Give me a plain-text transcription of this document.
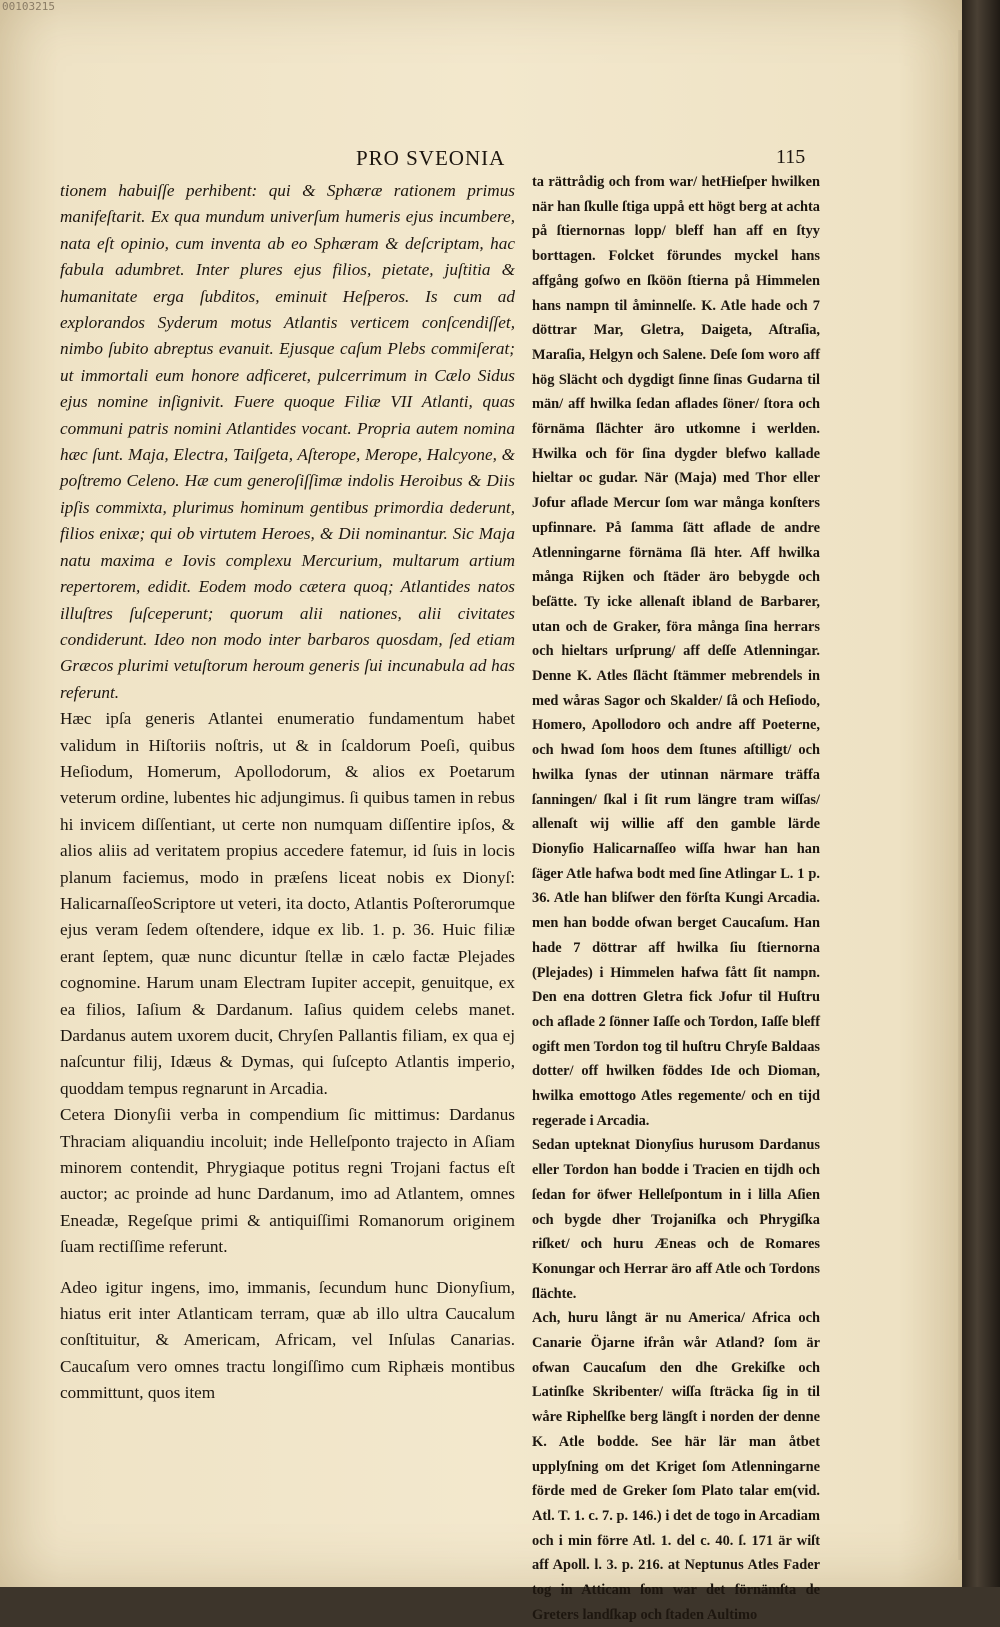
00103215
PRO SVEONIA	115

tionem habuiſſe perhibent: qui & Sphæræ rationem primus manifeſtarit. Ex qua mundum univerſum humeris ejus incumbere, nata eſt opinio, cum inventa ab eo Sphæram & deſcriptam, hac fabula adumbret. Inter plures ejus filios, pietate, juſtitia & humanitate erga ſubditos, eminuit Heſperos. Is cum ad explorandos Syderum motus Atlantis verticem conſcendiſſet, nimbo ſubito abreptus evanuit. Ejusque caſum Plebs commiſerat; ut immortali eum honore adficeret, pulcerrimum in Cælo Sidus ejus nomine inſignivit. Fuere quoque Filiæ VII Atlanti, quas communi patris nomini Atlantides vocant. Propria autem nomina hæc ſunt. Maja, Electra, Taiſgeta, Aſterope, Merope, Halcyone, & poſtremo Celeno. Hæ cum generoſiſſimæ indolis Heroibus & Diis ipſis commixta, plurimus hominum gentibus primordia dederunt, filios enixæ; qui ob virtutem Heroes, & Dii nominantur. Sic Maja natu maxima e Iovis complexu Mercurium, multarum artium repertorem, edidit. Eodem modo cætera quoq; Atlantides natos illuſtres ſuſceperunt; quorum alii nationes, alii civitates condiderunt. Ideo non modo inter barbaros quosdam, ſed etiam Græcos plurimi vetuſtorum heroum generis ſui incunabula ad has referunt.

Hæc ipſa generis Atlantei enumeratio fundamentum habet validum in Hiſtoriis noſtris, ut & in ſcaldorum Poeſi, quibus Heſiodum, Homerum, Apollodorum, & alios ex Poetarum veterum ordine, lubentes hic adjungimus. ſi quibus tamen in rebus hi invicem diſſentiant, ut certe non numquam diſſentire ipſos, & alios aliis ad veritatem propius accedere fatemur, id ſuis in locis planum faciemus, modo in præſens liceat nobis ex Dionyſ: HalicarnaſſeoScriptore ut veteri, ita docto, Atlantis Poſterorumque ejus veram ſedem oſtendere, idque ex lib. 1. p. 36. Huic filiæ erant ſeptem, quæ nunc dicuntur ſtellæ in cælo factæ Plejades cognomine. Harum unam Electram Iupiter accepit, genuitque, ex ea filios, Iaſium & Dardanum. Iaſius quidem celebs manet. Dardanus autem uxorem ducit, Chryſen Pallantis filiam, ex qua ej naſcuntur filij, Idæus & Dymas, qui ſuſcepto Atlantis imperio, quoddam tempus regnarunt in Arcadia.

Cetera Dionyſii verba in compendium ſic mittimus: Dardanus Thraciam aliquandiu incoluit; inde Helleſponto trajecto in Aſiam minorem contendit, Phrygiaque potitus regni Trojani factus eſt auctor; ac proinde ad hunc Dardanum, imo ad Atlantem, omnes Eneadæ, Regeſque primi & antiquiſſimi Romanorum originem ſuam rectiſſime referunt.

Adeo igitur ingens, imo, immanis, ſecundum hunc Dionyſium, hiatus erit inter Atlanticam terram, quæ ab illo ultra Caucalum conſtituitur, & Americam, Africam, vel Inſulas Canarias. Caucaſum vero omnes tractu longiſſimo cum Riphæis montibus committunt, quos item

ta rättrådig och from war/ hetHieſper hwilken när han ſkulle ſtiga uppå ett högt berg at achta på ſtiernornas lopp/ bleff han aff en ſtyy borttagen. Folcket förundes myckel hans affgång goſwo en ſköön ſtierna på Himmelen hans nampn til åminnelſe. K. Atle hade och 7 döttrar Mar, Gletra, Daigeta, Aſtraſia, Maraſia, Helgyn och Salene. Deſe ſom woro aff hög Slächt och dygdigt ſinne ſinas Gudarna til män/ aff hwilka ſedan aflades ſöner/ ſtora och förnäma ſlächter äro utkomne i werlden. Hwilka och för ſina dygder blefwo kallade hieltar oc gudar. När (Maja) med Thor eller Jofur aflade Mercur ſom war många konſters upfinnare. På ſamma ſätt aflade de andre Atlenningarne förnäma ſlä hter. Aff hwilka många Rijken och ſtäder äro bebygde och beſätte. Ty icke allenaſt ibland de Barbarer, utan och de Graker, föra många ſina herrars och hieltars urſprung/ aff deſſe Atlenningar. Denne K. Atles ſlächt ſtämmer mebrendels in med wåras Sagor och Skalder/ ſå och Heſiodo, Homero, Apollodoro och andre aff Poeterne, och hwad ſom hoos dem ſtunes aſtilligt/ och hwilka ſynas der utinnan närmare träffa ſanningen/ ſkal i ſit rum längre tram wiſſas/ allenaſt wij willie aff den gamble lärde Dionyſio Halicarnaſſeo wiſſa hwar han han ſäger Atle hafwa bodt med ſine Atlingar L. 1 p. 36. Atle han bliſwer den förſta Kungi Arcadia. men han bodde ofwan berget Caucaſum. Han hade 7 döttrar aff hwilka ſiu ſtiernorna (Plejades) i Himmelen hafwa fått ſit nampn. Den ena dottren Gletra fick Jofur til Huſtru och aflade 2 ſönner Iaſſe och Tordon, Iaſſe bleff ogift men Tordon tog til huſtru Chryſe Baldaas dotter/ off hwilken föddes Ide och Dioman, hwilka emottogo Atles regemente/ och en tijd regerade i Arcadia.

Sedan upteknat Dionyſius hurusom Dardanus eller Tordon han bodde i Tracien en tijdh och ſedan for öfwer Helleſpontum in i lilla Aſien och bygde dher Trojaniſka och Phrygiſka riſket/ och huru Æneas och de Romares Konungar och Herrar äro aff Atle och Tordons ſlächte.

Ach, huru långt är nu America/ Africa och Canarie Öjarne ifrån wår Atland? ſom är ofwan Caucaſum den dhe Grekiſke och Latinſke Skribenter/ wiſſa ſträcka ſig in til wåre Riphelſke berg längſt i norden der denne K. Atle bodde. See här lär man åtbet upplyſning om det Kriget ſom Atlenningarne förde med de Greker ſom Plato talar em(vid. Atl. T. 1. c. 7. p. 146.) i det de togo in Arcadiam och i min förre Atl. 1. del c. 40. ſ. 171 är wiſt aff Apoll. l. 3. p. 216. at Neptunus Atles Fader tog in Atticam ſom war det förnämſta de Greters landſkap och ſtaden Aultimo
